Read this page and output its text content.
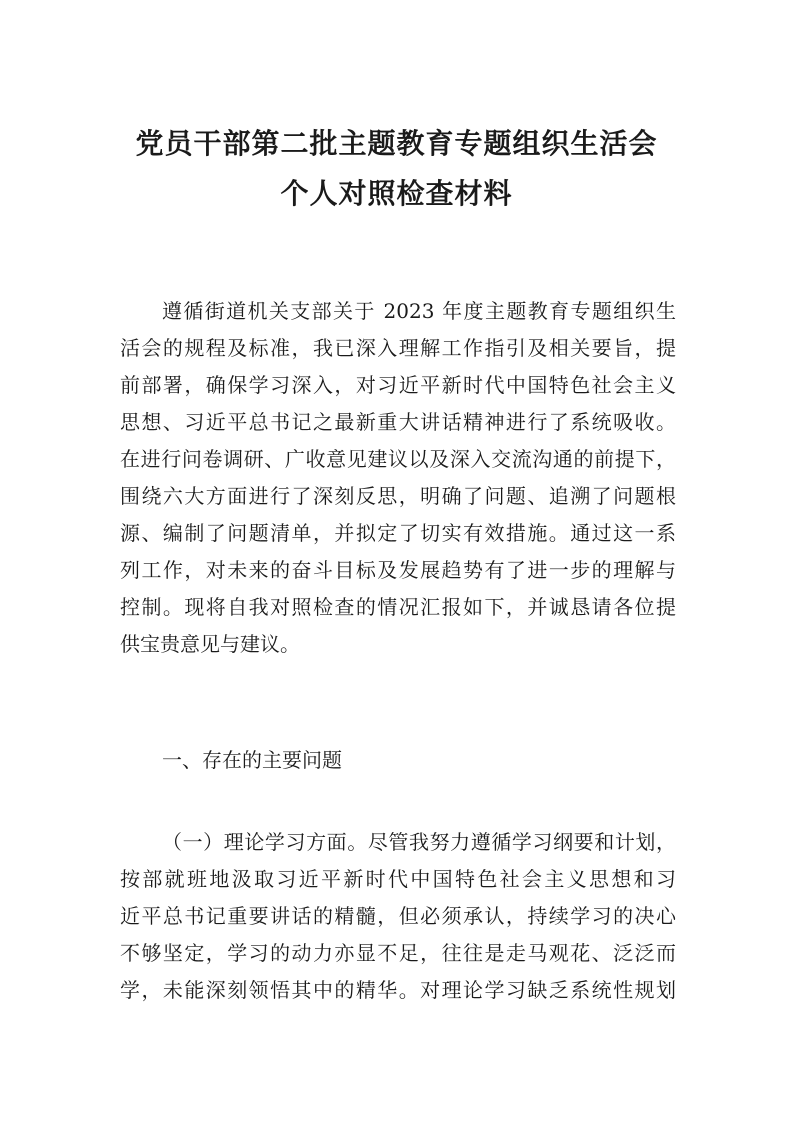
党员干部第二批主题教育专题组织生活会
个人对照检查材料
遵循街道机关支部关于 2023 年度主题教育专题组织生
活会的规程及标准，我已深入理解工作指引及相关要旨，提
前部署，确保学习深入，对习近平新时代中国特色社会主义
思想、习近平总书记之最新重大讲话精神进行了系统吸收。
在进行问卷调研、广收意见建议以及深入交流沟通的前提下，
围绕六大方面进行了深刻反思，明确了问题、追溯了问题根
源、编制了问题清单，并拟定了切实有效措施。通过这一系
列工作，对未来的奋斗目标及发展趋势有了进一步的理解与
控制。现将自我对照检查的情况汇报如下，并诚恳请各位提
供宝贵意见与建议。
一、存在的主要问题
（一）理论学习方面。尽管我努力遵循学习纲要和计划，
按部就班地汲取习近平新时代中国特色社会主义思想和习
近平总书记重要讲话的精髓，但必须承认，持续学习的决心
不够坚定，学习的动力亦显不足，往往是走马观花、泛泛而
学，未能深刻领悟其中的精华。对理论学习缺乏系统性规划
